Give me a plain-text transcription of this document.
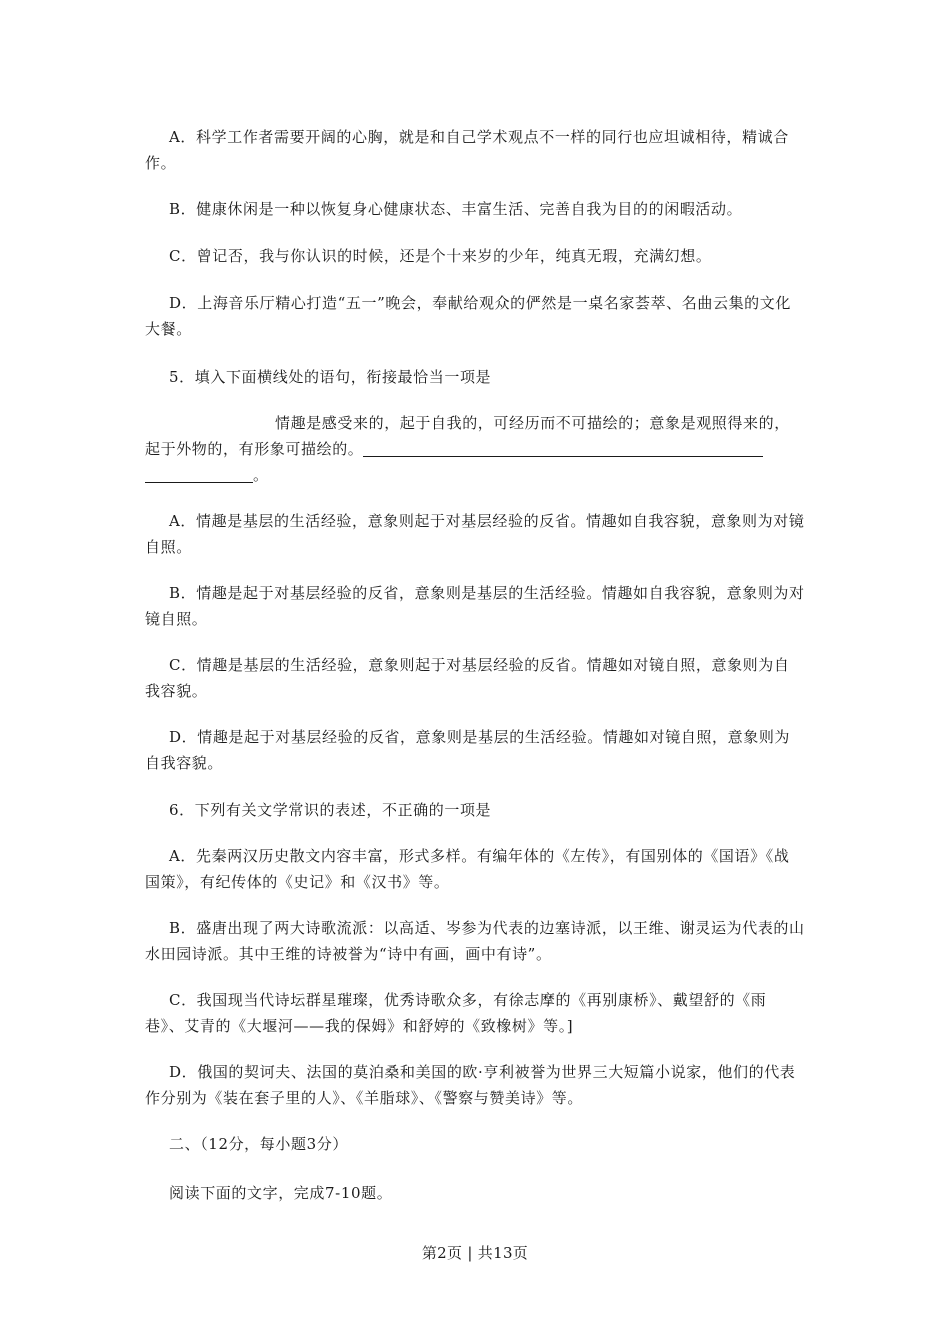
A．科学工作者需要开阔的心胸，就是和自己学术观点不一样的同行也应坦诚相待，精诚合作。

B．健康休闲是一种以恢复身心健康状态、丰富生活、完善自我为目的的闲暇活动。

C．曾记否，我与你认识的时候，还是个十来岁的少年，纯真无瑕，充满幻想。

D．上海音乐厅精心打造“五一”晚会，奉献给观众的俨然是一桌名家荟萃、名曲云集的文化大餐。

5．填入下面横线处的语句，衔接最恰当一项是

情趣是感受来的，起于自我的，可经历而不可描绘的；意象是观照得来的，起于外物的，有形象可描绘的。

。

A．情趣是基层的生活经验，意象则起于对基层经验的反省。情趣如自我容貌，意象则为对镜自照。

B．情趣是起于对基层经验的反省，意象则是基层的生活经验。情趣如自我容貌，意象则为对镜自照。

C．情趣是基层的生活经验，意象则起于对基层经验的反省。情趣如对镜自照，意象则为自我容貌。

D．情趣是起于对基层经验的反省，意象则是基层的生活经验。情趣如对镜自照，意象则为自我容貌。

6．下列有关文学常识的表述，不正确的一项是

A．先秦两汉历史散文内容丰富，形式多样。有编年体的《左传》，有国别体的《国语》《战国策》，有纪传体的《史记》和《汉书》等。

B．盛唐出现了两大诗歌流派：以高适、岑参为代表的边塞诗派，以王维、谢灵运为代表的山水田园诗派。其中王维的诗被誉为“诗中有画，画中有诗”。

C．我国现当代诗坛群星璀璨，优秀诗歌众多，有徐志摩的《再别康桥》、戴望舒的《雨巷》、艾青的《大堰河——我的保姆》和舒婷的《致橡树》等。]

D．俄国的契诃夫、法国的莫泊桑和美国的欧·亨利被誉为世界三大短篇小说家，他们的代表作分别为《装在套子里的人》、《羊脂球》、《警察与赞美诗》等。

二、（12分，每小题3分）

阅读下面的文字，完成7-10题。

第2页 | 共13页
